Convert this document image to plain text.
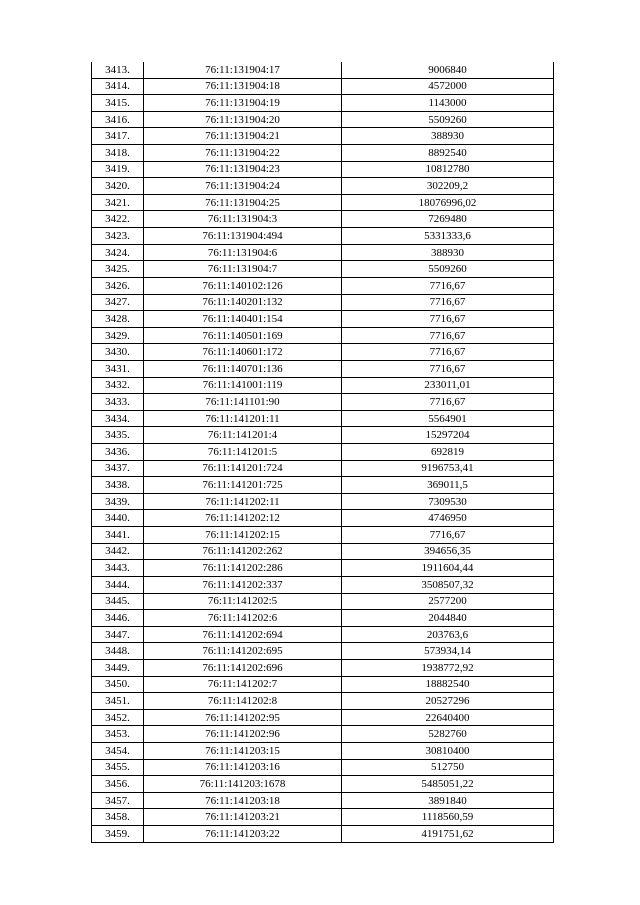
3413.	76:11:131904:17	9006840
3414.	76:11:131904:18	4572000
3415.	76:11:131904:19	1143000
3416.	76:11:131904:20	5509260
3417.	76:11:131904:21	388930
3418.	76:11:131904:22	8892540
3419.	76:11:131904:23	10812780
3420.	76:11:131904:24	302209,2
3421.	76:11:131904:25	18076996,02
3422.	76:11:131904:3	7269480
3423.	76:11:131904:494	5331333,6
3424.	76:11:131904:6	388930
3425.	76:11:131904:7	5509260
3426.	76:11:140102:126	7716,67
3427.	76:11:140201:132	7716,67
3428.	76:11:140401:154	7716,67
3429.	76:11:140501:169	7716,67
3430.	76:11:140601:172	7716,67
3431.	76:11:140701:136	7716,67
3432.	76:11:141001:119	233011,01
3433.	76:11:141101:90	7716,67
3434.	76:11:141201:11	5564901
3435.	76:11:141201:4	15297204
3436.	76:11:141201:5	692819
3437.	76:11:141201:724	9196753,41
3438.	76:11:141201:725	369011,5
3439.	76:11:141202:11	7309530
3440.	76:11:141202:12	4746950
3441.	76:11:141202:15	7716,67
3442.	76:11:141202:262	394656,35
3443.	76:11:141202:286	1911604,44
3444.	76:11:141202:337	3508507,32
3445.	76:11:141202:5	2577200
3446.	76:11:141202:6	2044840
3447.	76:11:141202:694	203763,6
3448.	76:11:141202:695	573934,14
3449.	76:11:141202:696	1938772,92
3450.	76:11:141202:7	18882540
3451.	76:11:141202:8	20527296
3452.	76:11:141202:95	22640400
3453.	76:11:141202:96	5282760
3454.	76:11:141203:15	30810400
3455.	76:11:141203:16	512750
3456.	76:11:141203:1678	5485051,22
3457.	76:11:141203:18	3891840
3458.	76:11:141203:21	1118560,59
3459.	76:11:141203:22	4191751,62
